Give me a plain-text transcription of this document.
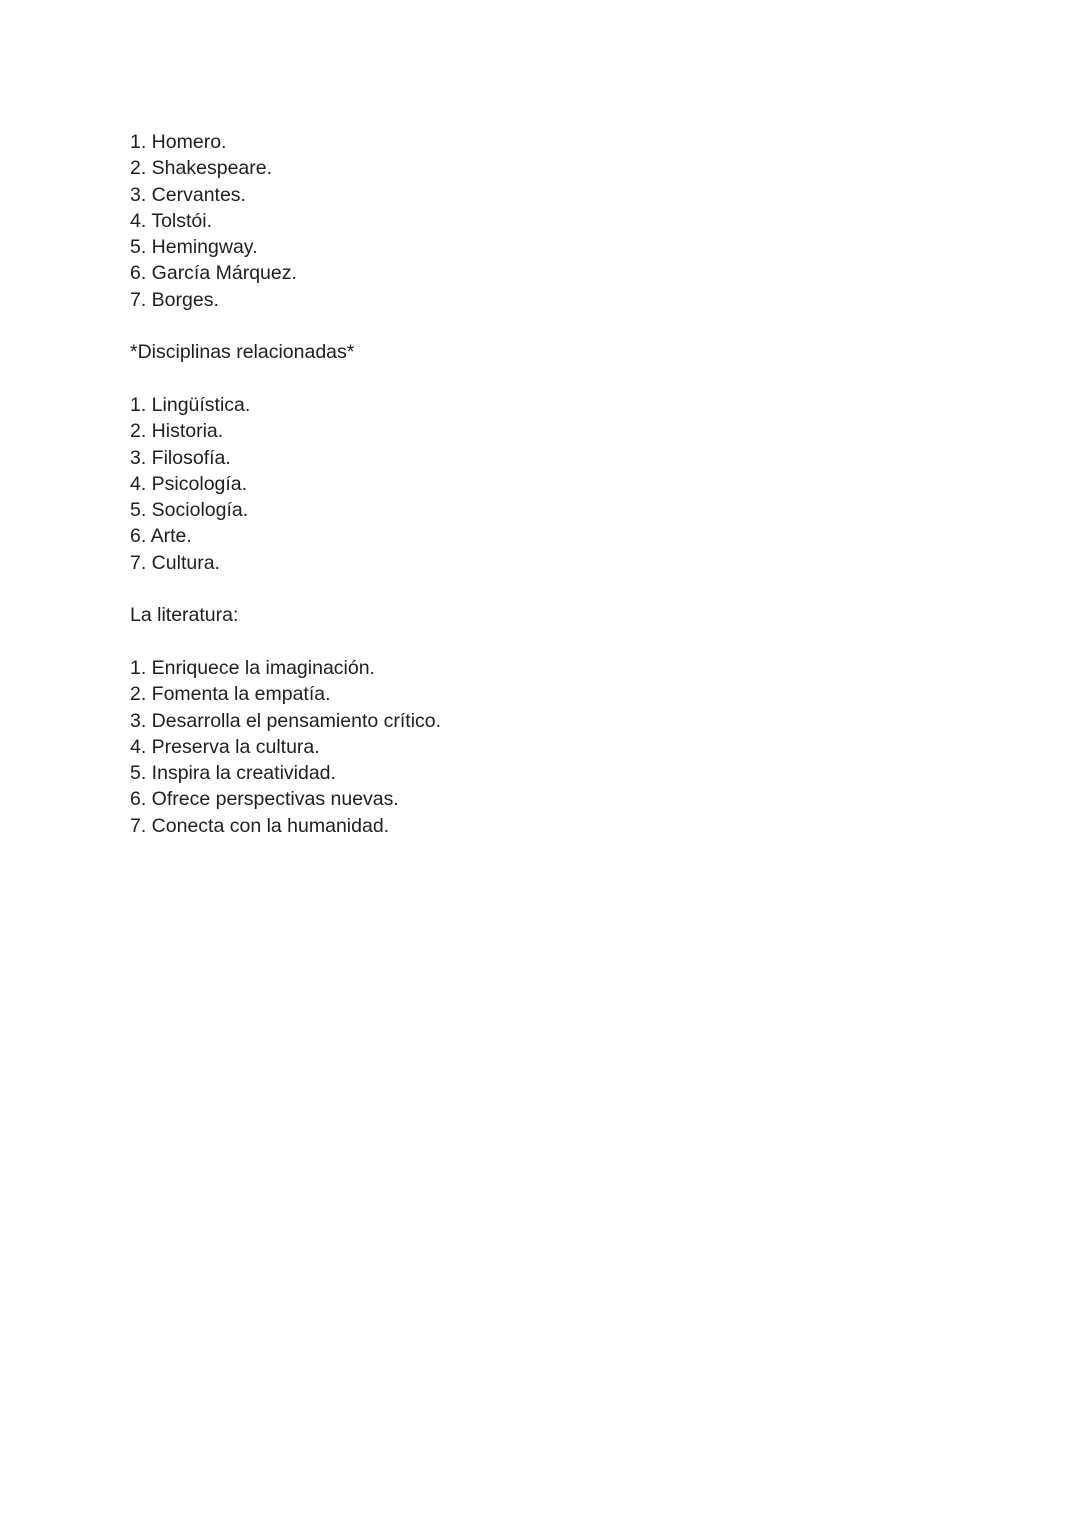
1. Homero.
2. Shakespeare.
3. Cervantes.
4. Tolstói.
5. Hemingway.
6. García Márquez.
7. Borges.
*Disciplinas relacionadas*
1. Lingüística.
2. Historia.
3. Filosofía.
4. Psicología.
5. Sociología.
6. Arte.
7. Cultura.
La literatura:
1. Enriquece la imaginación.
2. Fomenta la empatía.
3. Desarrolla el pensamiento crítico.
4. Preserva la cultura.
5. Inspira la creatividad.
6. Ofrece perspectivas nuevas.
7. Conecta con la humanidad.
